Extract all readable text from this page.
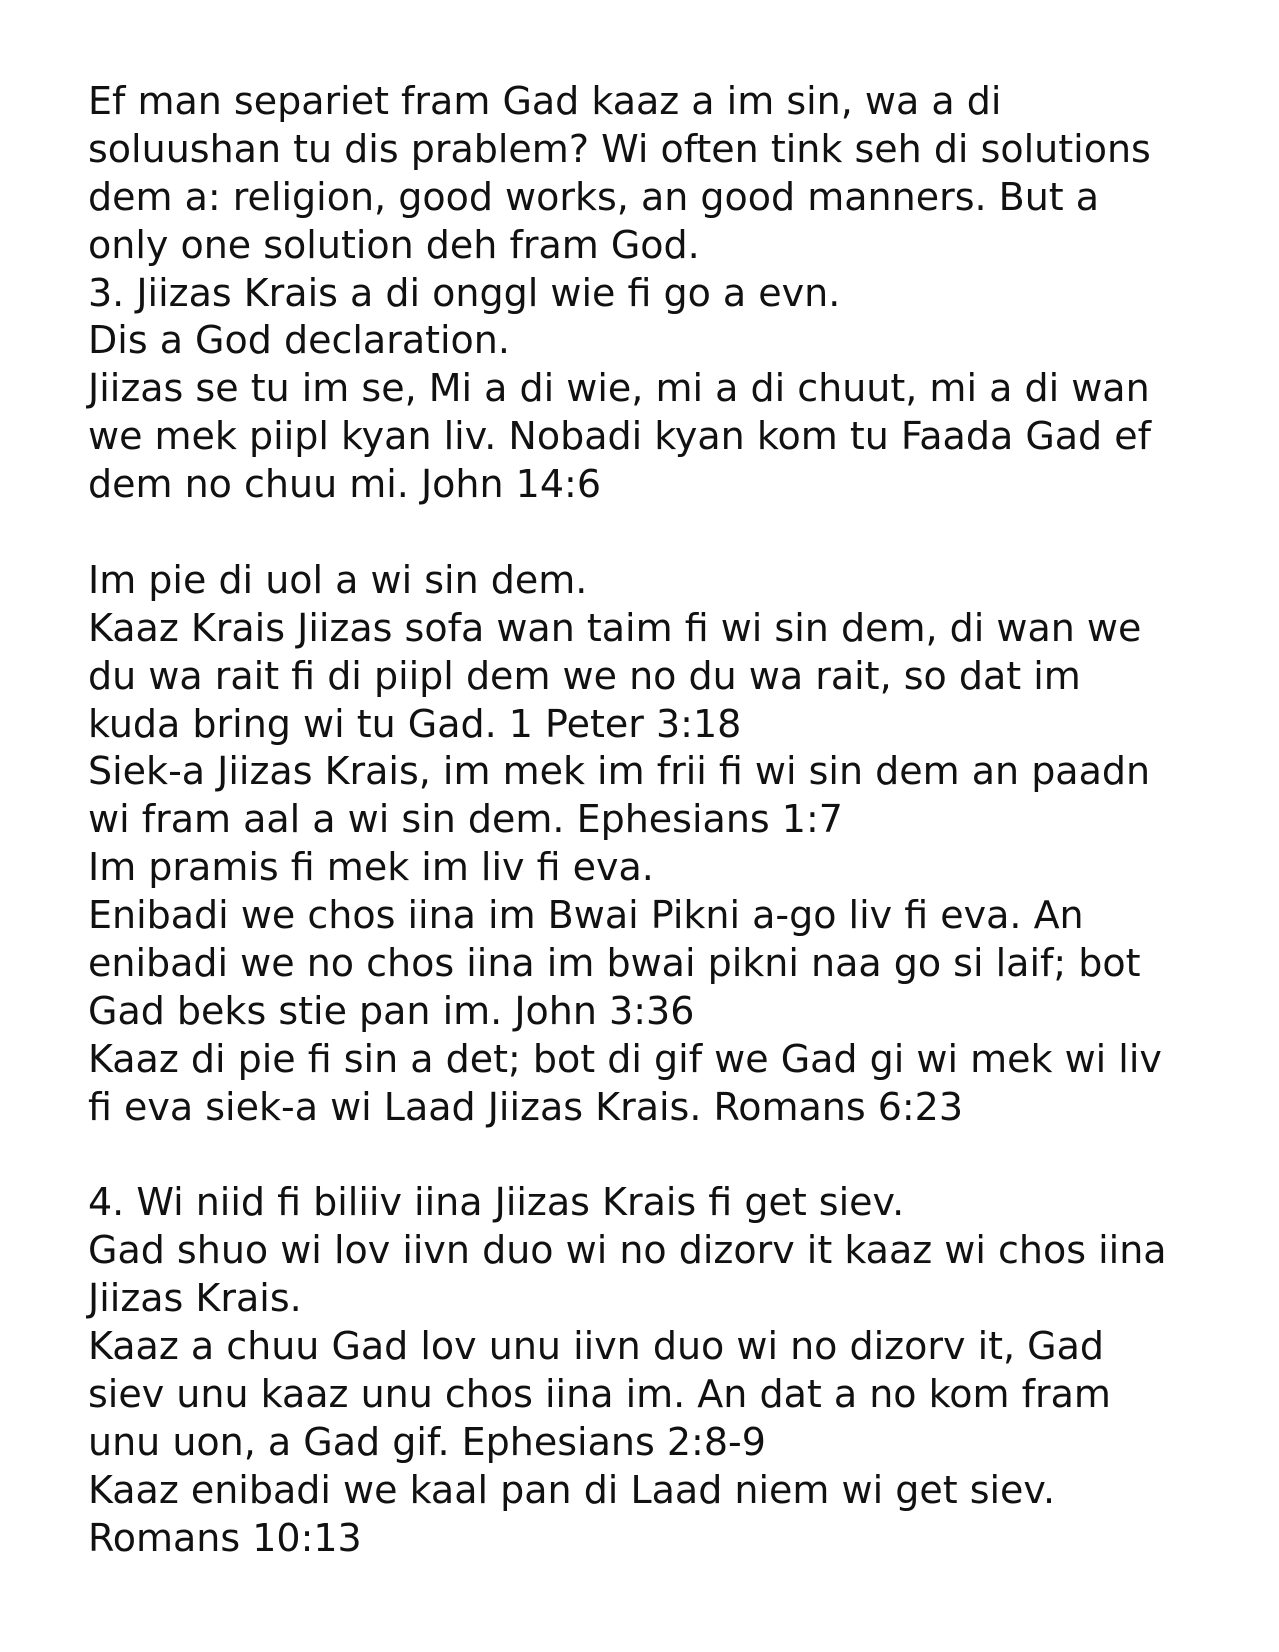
Ef man separiet fram Gad kaaz a im sin, wa a di
soluushan tu dis prablem? Wi often tink seh di solutions
dem a: religion, good works, an good manners. But a
only one solution deh fram God.
3. Jiizas Krais a di onggl wie fi go a evn.
Dis a God declaration.
Jiizas se tu im se, Mi a di wie, mi a di chuut, mi a di wan
we mek piipl kyan liv. Nobadi kyan kom tu Faada Gad ef
dem no chuu mi. John 14:6
Im pie di uol a wi sin dem.
Kaaz Krais Jiizas sofa wan taim fi wi sin dem, di wan we
du wa rait fi di piipl dem we no du wa rait, so dat im
kuda bring wi tu Gad. 1 Peter 3:18
Siek-a Jiizas Krais, im mek im frii fi wi sin dem an paadn
wi fram aal a wi sin dem. Ephesians 1:7
Im pramis fi mek im liv fi eva.
Enibadi we chos iina im Bwai Pikni a-go liv fi eva. An
enibadi we no chos iina im bwai pikni naa go si laif; bot
Gad beks stie pan im. John 3:36
Kaaz di pie fi sin a det; bot di gif we Gad gi wi mek wi liv
fi eva siek-a wi Laad Jiizas Krais. Romans 6:23
4. Wi niid fi biliiv iina Jiizas Krais fi get siev.
Gad shuo wi lov iivn duo wi no dizorv it kaaz wi chos iina
Jiizas Krais.
Kaaz a chuu Gad lov unu iivn duo wi no dizorv it, Gad
siev unu kaaz unu chos iina im. An dat a no kom fram
unu uon, a Gad gif. Ephesians 2:8-9
Kaaz enibadi we kaal pan di Laad niem wi get siev.
Romans 10:13
